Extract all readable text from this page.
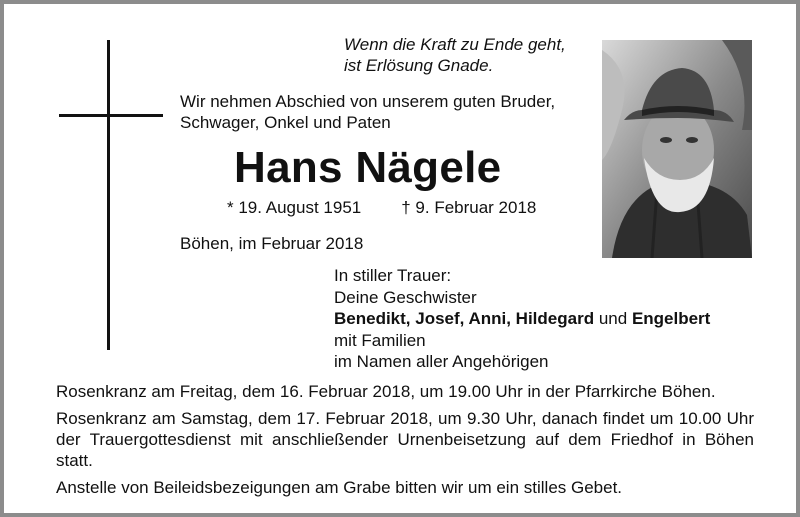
Wenn die Kraft zu Ende geht,
ist Erlösung Gnade.
Wir nehmen Abschied von unserem guten Bruder,
Schwager, Onkel und Paten
Hans Nägele
* 19. August 1951 † 9. Februar 2018
Böhen, im Februar 2018
In stiller Trauer:
Deine Geschwister
Benedikt, Josef, Anni, Hildegard und Engelbert
mit Familien
im Namen aller Angehörigen

Rosenkranz am Freitag, dem 16. Februar 2018, um 19.00 Uhr in der Pfarrkirche Böhen.

Rosenkranz am Samstag, dem 17. Februar 2018, um 9.30 Uhr, danach findet um 10.00 Uhr der Trauergottesdienst mit anschließender Urnenbeisetzung auf dem Friedhof in Böhen statt.

Anstelle von Beileidsbezeigungen am Grabe bitten wir um ein stilles Gebet.
